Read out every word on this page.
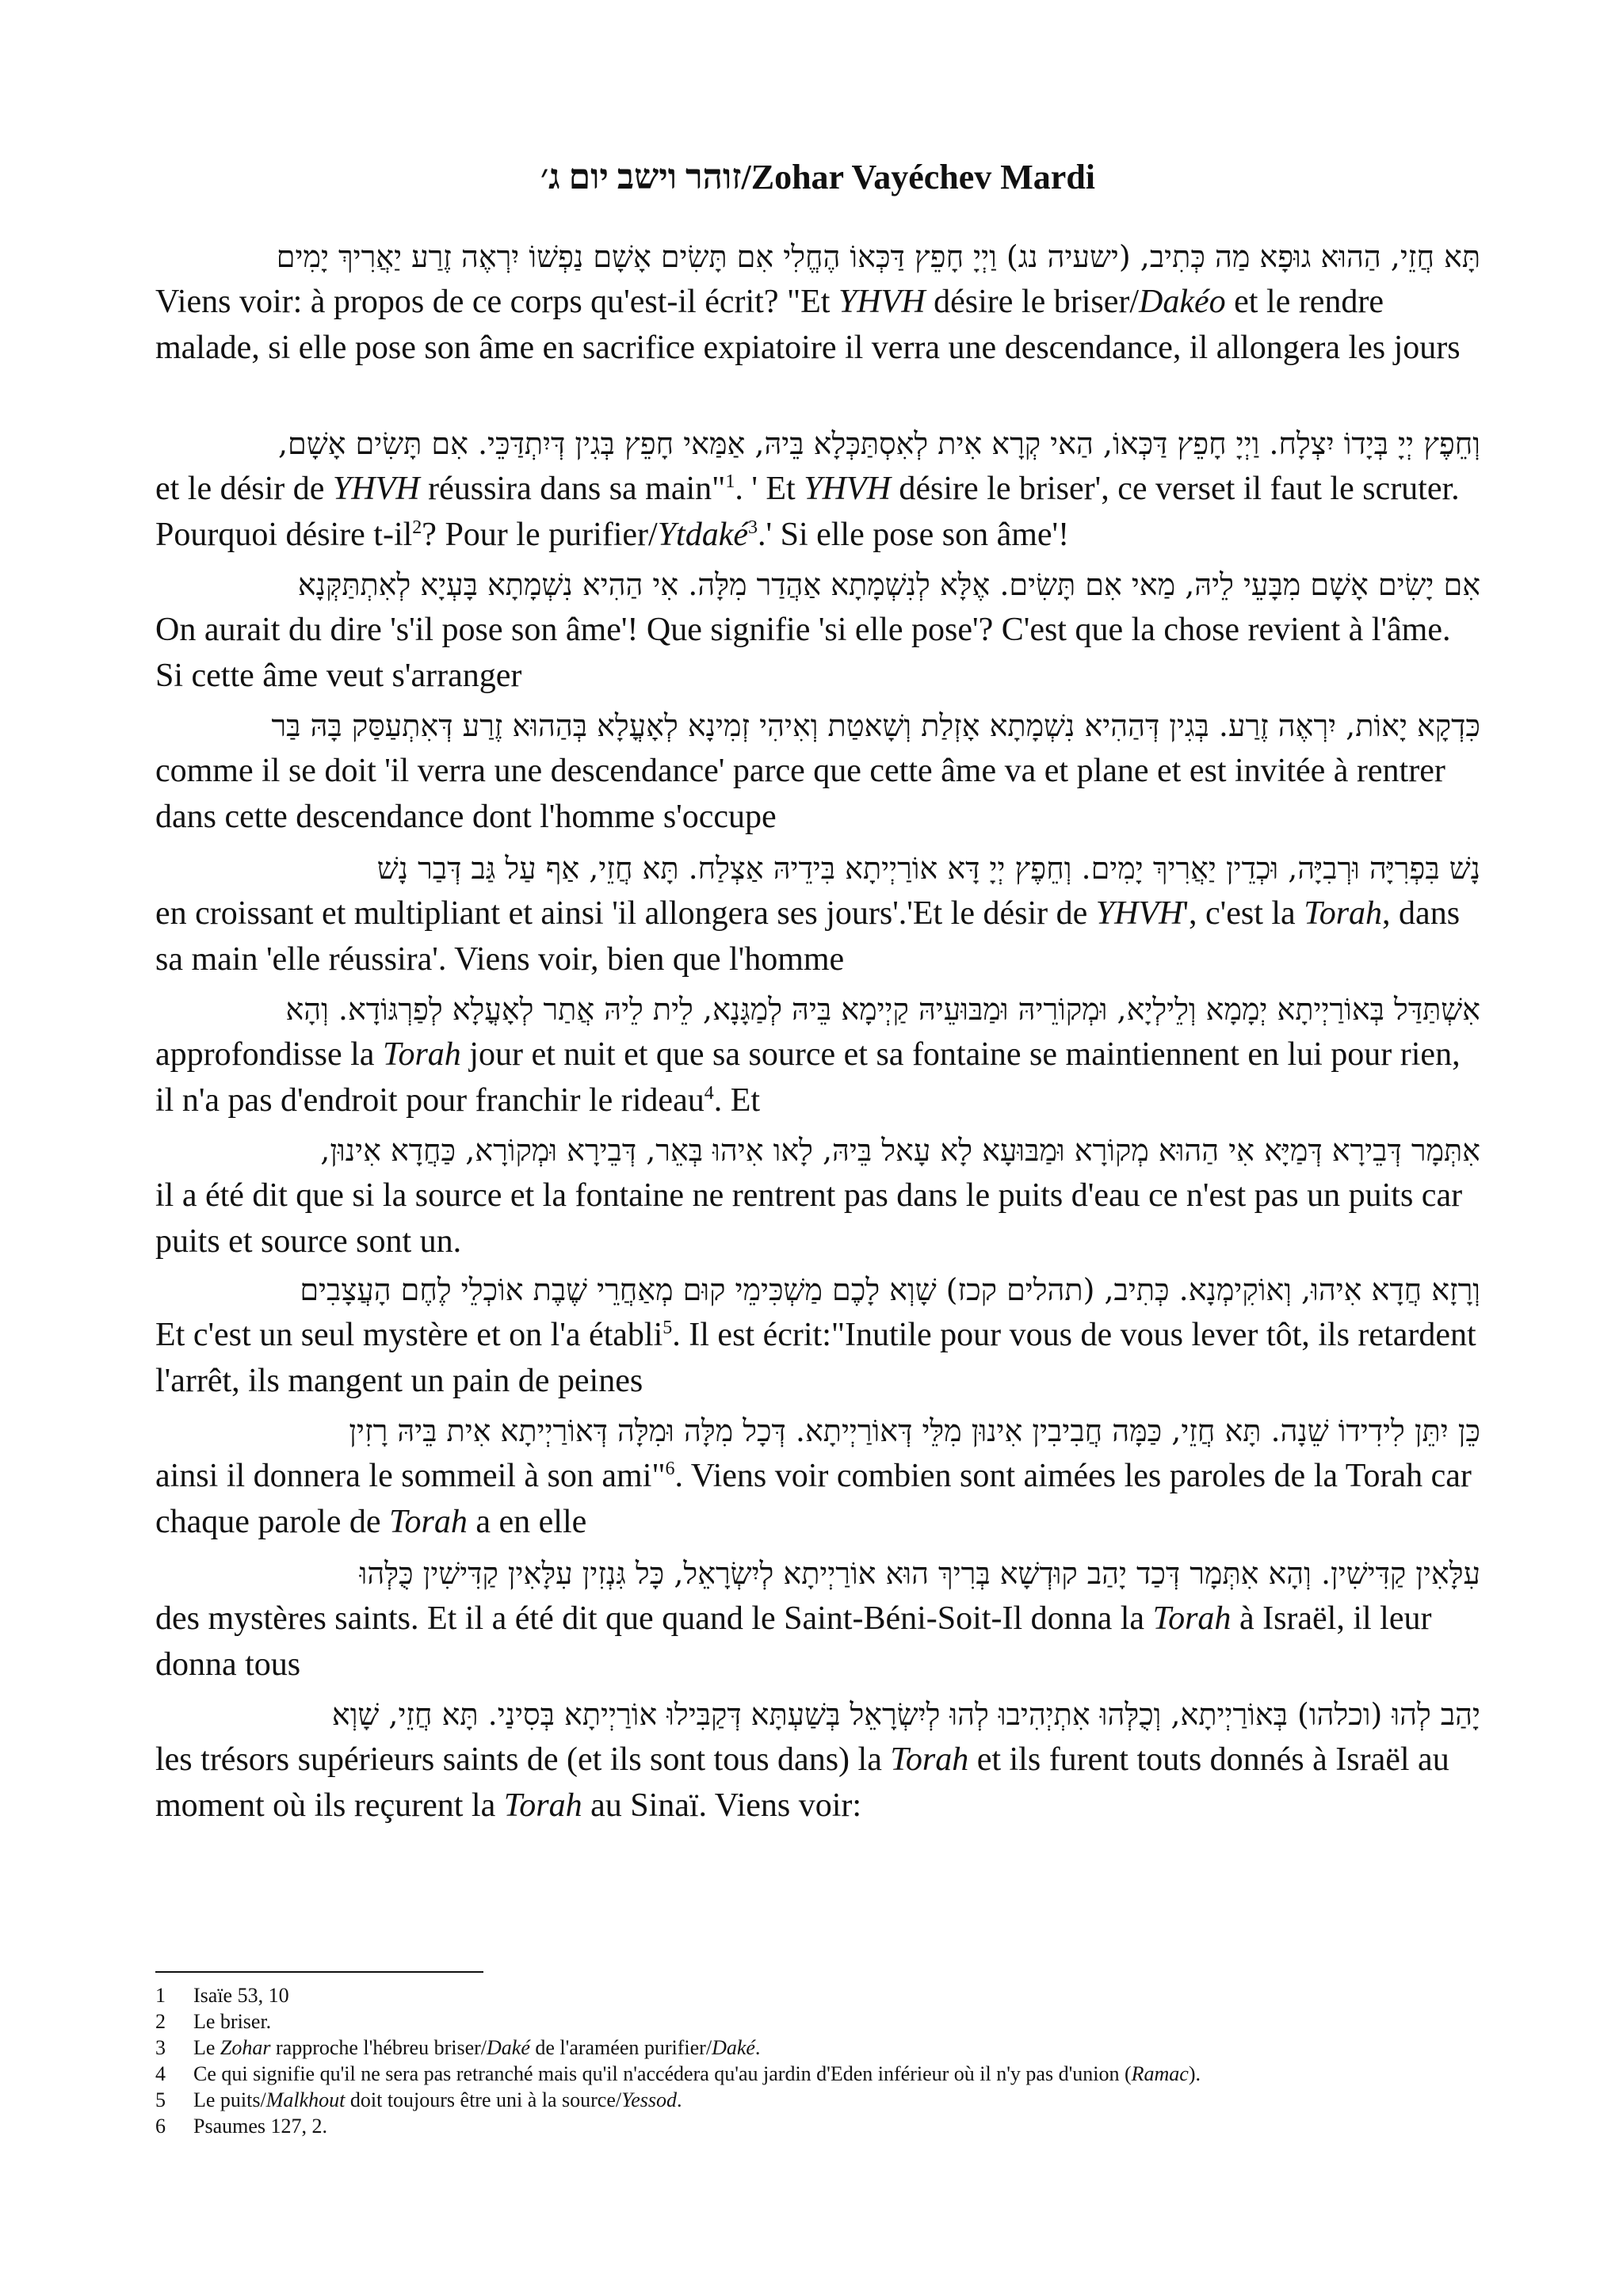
זוהר וישב יום ג׳/Zohar Vayéchev Mardi
תָּא חֲזֵי, הַהוּא גוּפָא מַה כְּתִיב, (ישעיה נג) וַיְיָ חָפֵץ דַּכְּאוֹ הֶחֱלִי אִם תָּשִׂים אָשָׁם נַפְשׁוֹ יִרְאֶה זֶרַע יַאֲרִיךְ יָמִים
Viens voir: à propos de ce corps qu'est-il écrit? "Et YHVH désire le briser/Dakéo et le rendre malade, si elle pose son âme en sacrifice expiatoire il verra une descendance, il allongera les jours
וְחֵפֶץ יְיָ בְּיָדוֹ יִצְלָח. וַיְיָ חָפֵץ דַּכְּאוֹ, הַאי קְרָא אִית לְאִסְתַּכְּלָא בֵּיהּ, אַמַּאי חָפֵץ בְּגִין דְּיִתְדַּכֵּי. אִם תָּשִׂים אָשָׁם,
et le désir de YHVH réussira dans sa main"$^1$. ' Et YHVH désire le briser', ce verset il faut le scruter. Pourquoi désire $t-il^2$? Pour le purifier/Ytdaké$^3$.' Si elle pose son âme'!
אִם יָשִׂים אָשָׁם מִבָּעֵי לֵיהּ, מַאי אִם תָּשִׂים. אֶלָּא לְנִשְׁמָתָא אַהֲדַר מִלָּה. אִי הַהִיא נִשְׁמָתָא בָּעְיָא לְאִתְתַּקְּנָא
On aurait du dire 's'il pose son âme'! Que signifie 'si elle pose'? C'est que la chose revient à l'âme. Si cette âme veut s'arranger
כִּדְקָא יָאוֹת, יִרְאֶה זֶרַע. בְּגִין דְּהַהִיא נִשְׁמָתָא אָזְלַת וְשָׁאטַת וְאִיהִי זְמִינָא לְאָעֳלָא בְּהַהוּא זֶרַע דְּאִתְעַסַּק בָּהּ בַּר
comme il se doit 'il verra une descendance' parce que cette âme va et plane et est invitée à rentrer dans cette descendance dont l'homme s'occupe
נָשׁ בִּפְרִיָּה וּרְבִיָּה, וּכְדֵין יַאֲרִיךְ יָמִים. וְחֵפֶץ יְיָ דָּא אוֹרַיְיתָא בִּידֵיהּ אַצְלַח. תָּא חֲזֵי, אַף עַל גַּב דְּבַר נָשׁ
en croissant et multipliant et ainsi 'il allongera ses jours'.'Et le désir de YHVH', c'est la Torah, dans sa main 'elle réussira'. Viens voir, bien que l'homme
אִשְׁתַּדַּל בְּאוֹרַיְיתָא יְמָמָא וְלֵילְיָא, וּמְקוֹרֵיהּ וּמַבּוּעֵיהּ קַיְימָא בֵּיהּ לְמַגָּנָא, לֵית לֵיהּ אֲתַר לְאָעֳלָא לְפַרְגּוֹדָא. וְהָא
approfondisse la Torah jour et nuit et que sa source et sa fontaine se maintiennent en lui pour rien, il n'a pas d'endroit pour franchir le rideau$^4$. Et
אִתְּמָר דְּבֵירָא דְּמַיָּא אִי הַהוּא מְקוֹרָא וּמַבּוּעָא לָא עָאל בֵּיהּ, לָאו אִיהוּ בְּאֵר, דְּבֵירָא וּמְקוֹרָא, כַּחֲדָא אִינוּן,
il a été dit que si la source et la fontaine ne rentrent pas dans le puits d'eau ce n'est pas un puits car puits et source sont un.
וְרָזָא חֲדָא אִיהוּ, וְאוֹקִימְנָא. כְּתִיב, (תהלים קכז) שָׁוְא לָכֶם מַשְׁכִּימֵי קוּם מְאַחֲרֵי שֶׁבֶת אוֹכְלֵי לֶחֶם הָעֲצָבִים
Et c'est un seul mystère et on l'a établi$^5$. Il est écrit:"Inutile pour vous de vous lever tôt, ils retardent l'arrêt, ils mangent un pain de peines
כֵּן יִתֵּן לִידִידוֹ שֵׁנָה. תָּא חֲזֵי, כַּמָּה חֲבִיבִין אִינוּן מִלֵּי דְּאוֹרַיְיתָא. דְּכָל מִלָּה וּמִלָּה דְּאוֹרַיְיתָא אִית בֵּיהּ רָזִין
ainsi il donnera le sommeil à son ami"$^6$. Viens voir combien sont aimées les paroles de la Torah car chaque parole de Torah a en elle
עִלָּאִין קַדִּישִׁין. וְהָא אִתְּמָר דְּכַד יָהַב קוּדְשָׁא בְּרִיךְ הוּא אוֹרַיְיתָא לְיִשְׂרָאֵל, כָּל גִּנְזִין עִלָּאִין קַדִּישִׁין כֻּלְּהוּ
des mystères saints. Et il a été dit que quand le Saint-Béni-Soit-Il donna la Torah à Israël, il leur donna tous
יָהַב לְהוּ (וכלהו) בְּאוֹרַיְיתָא, וְכֻלְּהוּ אִתְיְהִיבוּ לְהוּ לְיִשְׂרָאֵל בְּשַׁעְתָּא דְּקַבִּילוּ אוֹרַיְיתָא בְּסִינַי. תָּא חֲזֵי, שָׁוְא
les trésors supérieurs saints de (et ils sont tous dans) la Torah et ils furent touts donnés à Israël au moment où ils reçurent la Torah au Sinaï. Viens voir:
1	Isaïe 53, 10
2	Le briser.
3	Le Zohar rapproche l'hébreu briser/Daké de l'araméen purifier/Daké.
4	Ce qui signifie qu'il ne sera pas retranché mais qu'il n'accédera qu'au jardin d'Eden inférieur où il n'y pas d'union (Ramac).
5	Le puits/Malkhout doit toujours être uni à la source/Yessod.
6	Psaumes 127, 2.
